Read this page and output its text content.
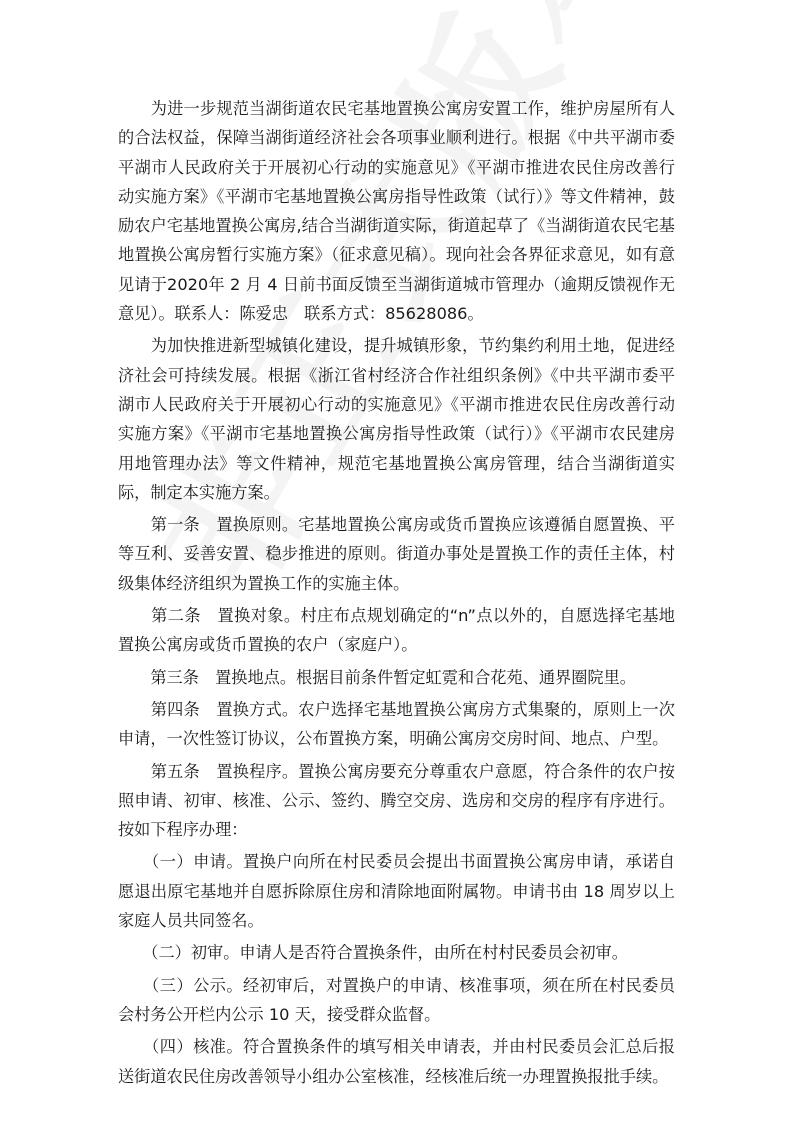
　　为进一步规范当湖街道农民宅基地置换公寓房安置工作，维护房屋所有人的合法权益，保障当湖街道经济社会各项事业顺利进行。根据《中共平湖市委平湖市人民政府关于开展初心行动的实施意见》《平湖市推进农民住房改善行动实施方案》《平湖市宅基地置换公寓房指导性政策（试行）》等文件精神，鼓励农户宅基地置换公寓房,结合当湖街道实际，街道起草了《当湖街道农民宅基地置换公寓房暂行实施方案》（征求意见稿）。现向社会各界征求意见，如有意见请于2020年 2 月 4 日前书面反馈至当湖街道城市管理办（逾期反馈视作无意见）。联系人：陈爱忠　联系方式：85628086。

　　为加快推进新型城镇化建设，提升城镇形象，节约集约利用土地，促进经济社会可持续发展。根据《浙江省村经济合作社组织条例》《中共平湖市委平湖市人民政府关于开展初心行动的实施意见》《平湖市推进农民住房改善行动实施方案》《平湖市宅基地置换公寓房指导性政策（试行）》《平湖市农民建房用地管理办法》等文件精神，规范宅基地置换公寓房管理，结合当湖街道实际，制定本实施方案。

　　第一条　置换原则。宅基地置换公寓房或货币置换应该遵循自愿置换、平等互利、妥善安置、稳步推进的原则。街道办事处是置换工作的责任主体，村级集体经济组织为置换工作的实施主体。

　　第二条　置换对象。村庄布点规划确定的“n”点以外的，自愿选择宅基地置换公寓房或货币置换的农户（家庭户）。

　　第三条　置换地点。根据目前条件暂定虹霓和合花苑、通界圈院里。

　　第四条　置换方式。农户选择宅基地置换公寓房方式集聚的，原则上一次申请，一次性签订协议，公布置换方案，明确公寓房交房时间、地点、户型。

　　第五条　置换程序。置换公寓房要充分尊重农户意愿，符合条件的农户按照申请、初审、核准、公示、签约、腾空交房、选房和交房的程序有序进行。按如下程序办理：

　　（一）申请。置换户向所在村民委员会提出书面置换公寓房申请，承诺自愿退出原宅基地并自愿拆除原住房和清除地面附属物。申请书由 18 周岁以上家庭人员共同签名。

　　（二）初审。申请人是否符合置换条件，由所在村村民委员会初审。

　　（三）公示。经初审后，对置换户的申请、核准事项，须在所在村民委员会村务公开栏内公示 10 天，接受群众监督。

　　（四）核准。符合置换条件的填写相关申请表，并由村民委员会汇总后报送街道农民住房改善领导小组办公室核准，经核准后统一办理置换报批手续。
